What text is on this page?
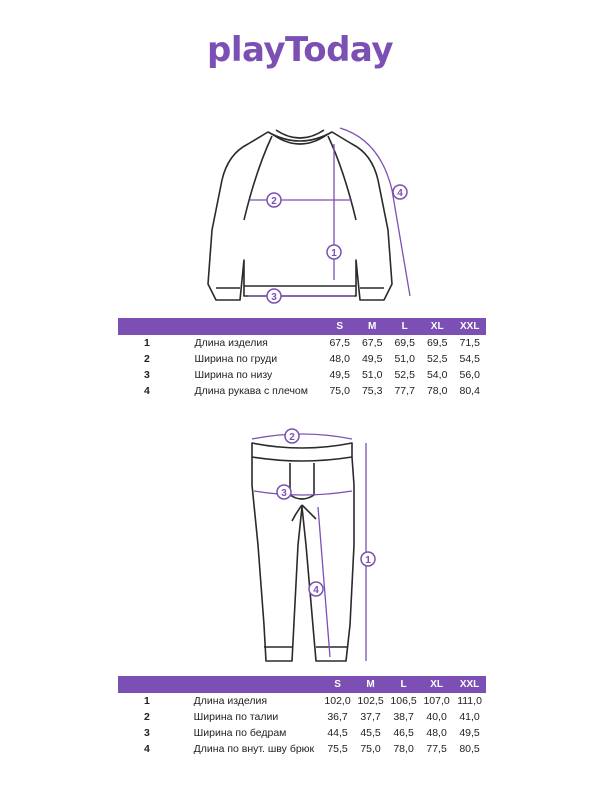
playToday
1
2
3
4
		S	M	L	XL	XXL
1	Длина изделия	67,5	67,5	69,5	69,5	71,5
2	Ширина по груди	48,0	49,5	51,0	52,5	54,5
3	Ширина по низу	49,5	51,0	52,5	54,0	56,0
4	Длина рукава с плечом	75,0	75,3	77,7	78,0	80,4
1
2
3
4
		S	M	L	XL	XXL
1	Длина изделия	102,0	102,5	106,5	107,0	111,0
2	Ширина по талии	36,7	37,7	38,7	40,0	41,0
3	Ширина по бедрам	44,5	45,5	46,5	48,0	49,5
4	Длина по внут. шву брюк	75,5	75,0	78,0	77,5	80,5
